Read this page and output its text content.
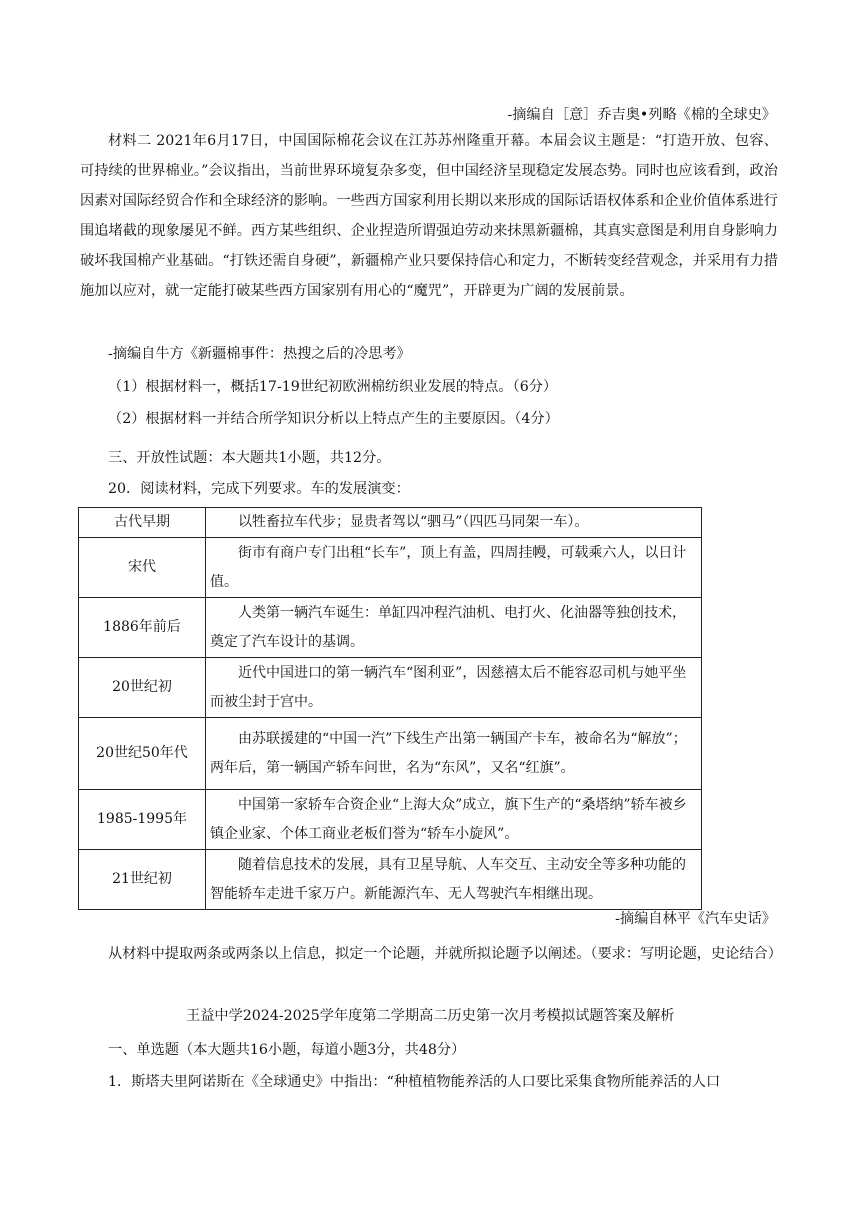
-摘编自［意］乔吉奥•列略《棉的全球史》
材料二 2021年6月17日，中国国际棉花会议在江苏苏州隆重开幕。本届会议主题是：“打造开放、包容、可持续的世界棉业。”会议指出，当前世界环境复杂多变，但中国经济呈现稳定发展态势。同时也应该看到，政治因素对国际经贸合作和全球经济的影响。一些西方国家利用长期以来形成的国际话语权体系和企业价值体系进行围追堵截的现象屡见不鲜。西方某些组织、企业捏造所谓强迫劳动来抹黑新疆棉，其真实意图是利用自身影响力破坏我国棉产业基础。“打铁还需自身硬”，新疆棉产业只要保持信心和定力，不断转变经营观念，并采用有力措施加以应对，就一定能打破某些西方国家别有用心的“魔咒”，开辟更为广阔的发展前景。
-摘编自牛方《新疆棉事件：热搜之后的冷思考》
（1）根据材料一，概括17-19世纪初欧洲棉纺织业发展的特点。（6分）
（2）根据材料一并结合所学知识分析以上特点产生的主要原因。（4分）
三、开放性试题：本大题共1小题，共12分。
20．阅读材料，完成下列要求。车的发展演变：
古代早期	以牲畜拉车代步；显贵者驾以“驷马”（四匹马同架一车）。
宋代	街市有商户专门出租“长车”，顶上有盖，四周挂幔，可载乘六人，以日计值。
1886年前后	人类第一辆汽车诞生：单缸四冲程汽油机、电打火、化油器等独创技术，奠定了汽车设计的基调。
20世纪初	近代中国进口的第一辆汽车“图利亚”，因慈禧太后不能容忍司机与她平坐而被尘封于宫中。
20世纪50年代	由苏联援建的“中国一汽”下线生产出第一辆国产卡车，被命名为“解放”；两年后，第一辆国产轿车问世，名为“东风”，又名“红旗”。
1985-1995年	中国第一家轿车合资企业“上海大众”成立，旗下生产的“桑塔纳”轿车被乡镇企业家、个体工商业老板们誉为“轿车小旋风”。
21世纪初	随着信息技术的发展，具有卫星导航、人车交互、主动安全等多种功能的智能轿车走进千家万户。新能源汽车、无人驾驶汽车相继出现。
-摘编自林平《汽车史话》
从材料中提取两条或两条以上信息，拟定一个论题，并就所拟论题予以阐述。（要求：写明论题，史论结合）
王益中学2024-2025学年度第二学期高二历史第一次月考模拟试题答案及解析
一、单选题（本大题共16小题，每道小题3分，共48分）
1．斯塔夫里阿诺斯在《全球通史》中指出：“种植植物能养活的人口要比采集食物所能养活的人口
